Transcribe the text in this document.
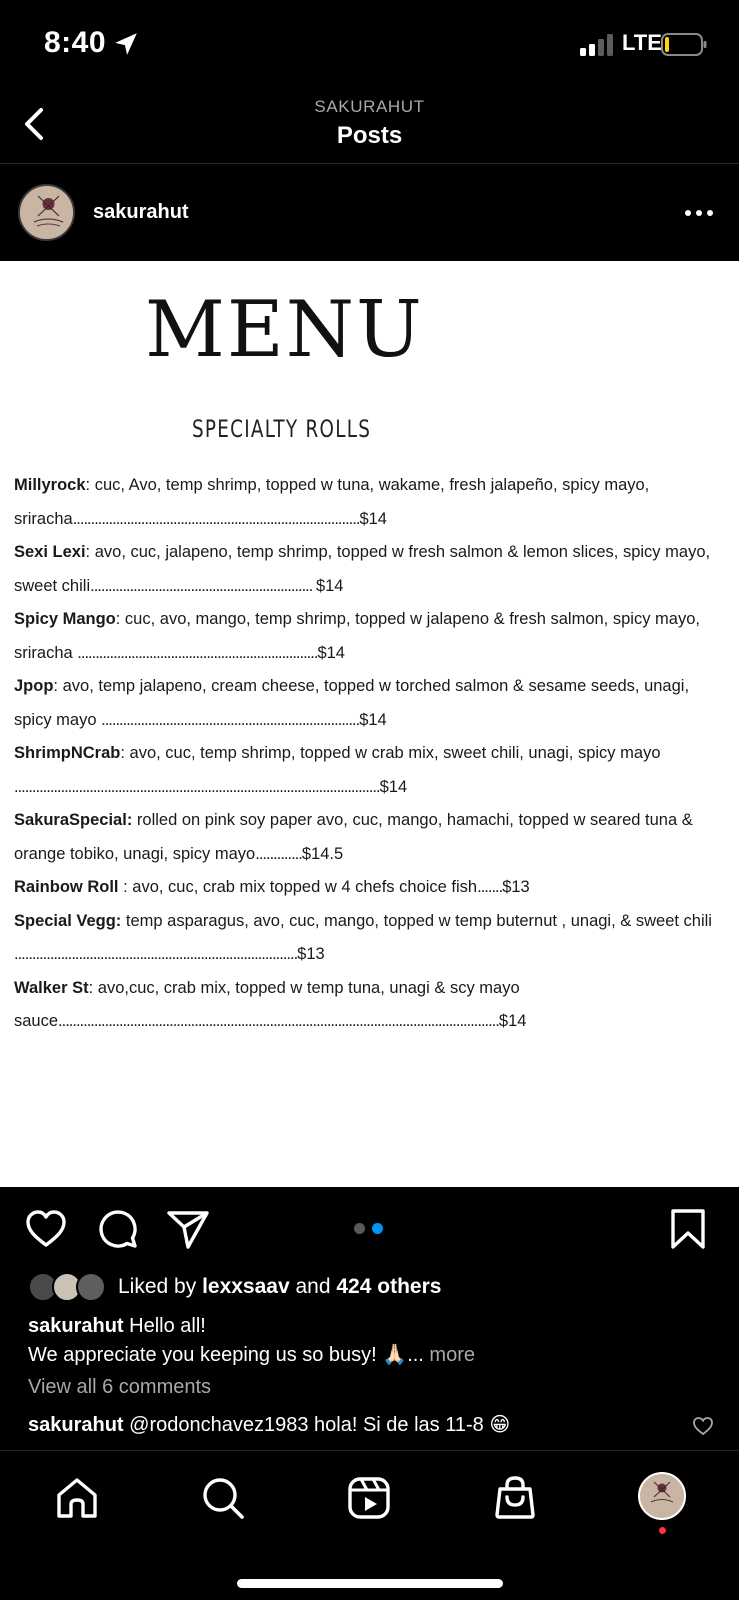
8:40	LTE
SAKURAHUT
Posts
sakurahut
MENU
SPECIALTY ROLLS

Millyrock: cuc, Avo, temp shrimp, topped w tuna, wakame, fresh jalapeño, spicy mayo, sriracha................................................................................$14

Sexi Lexi: avo, cuc, jalapeno, temp shrimp, topped w fresh salmon & lemon slices, spicy mayo, sweet chili.............................................................. $14

Spicy Mango: cuc, avo, mango, temp shrimp, topped w jalapeno & fresh salmon, spicy mayo, sriracha ...................................................................$14

Jpop: avo, temp jalapeno, cream cheese, topped w torched salmon & sesame seeds, unagi, spicy mayo ........................................................................$14

ShrimpNCrab: avo, cuc, temp shrimp, topped w crab mix, sweet chili, unagi, spicy mayo ......................................................................................................$14

SakuraSpecial: rolled on pink soy paper avo, cuc, mango, hamachi, topped w seared tuna & orange tobiko, unagi, spicy mayo.............$14.5

Rainbow Roll : avo, cuc, crab mix topped w 4 chefs choice fish.......$13

Special Vegg: temp asparagus, avo, cuc, mango, topped w temp buternut , unagi, & sweet chili ...............................................................................$13

Walker St: avo,cuc, crab mix, topped w temp tuna, unagi & scy mayo sauce...........................................................................................................................$14

Liked by lexxsaav and 424 others
sakurahut Hello all!
We appreciate you keeping us so busy! 🙏🏻... more
View all 6 comments
sakurahut @rodonchavez1983 hola! Si de las 11-8 😁
